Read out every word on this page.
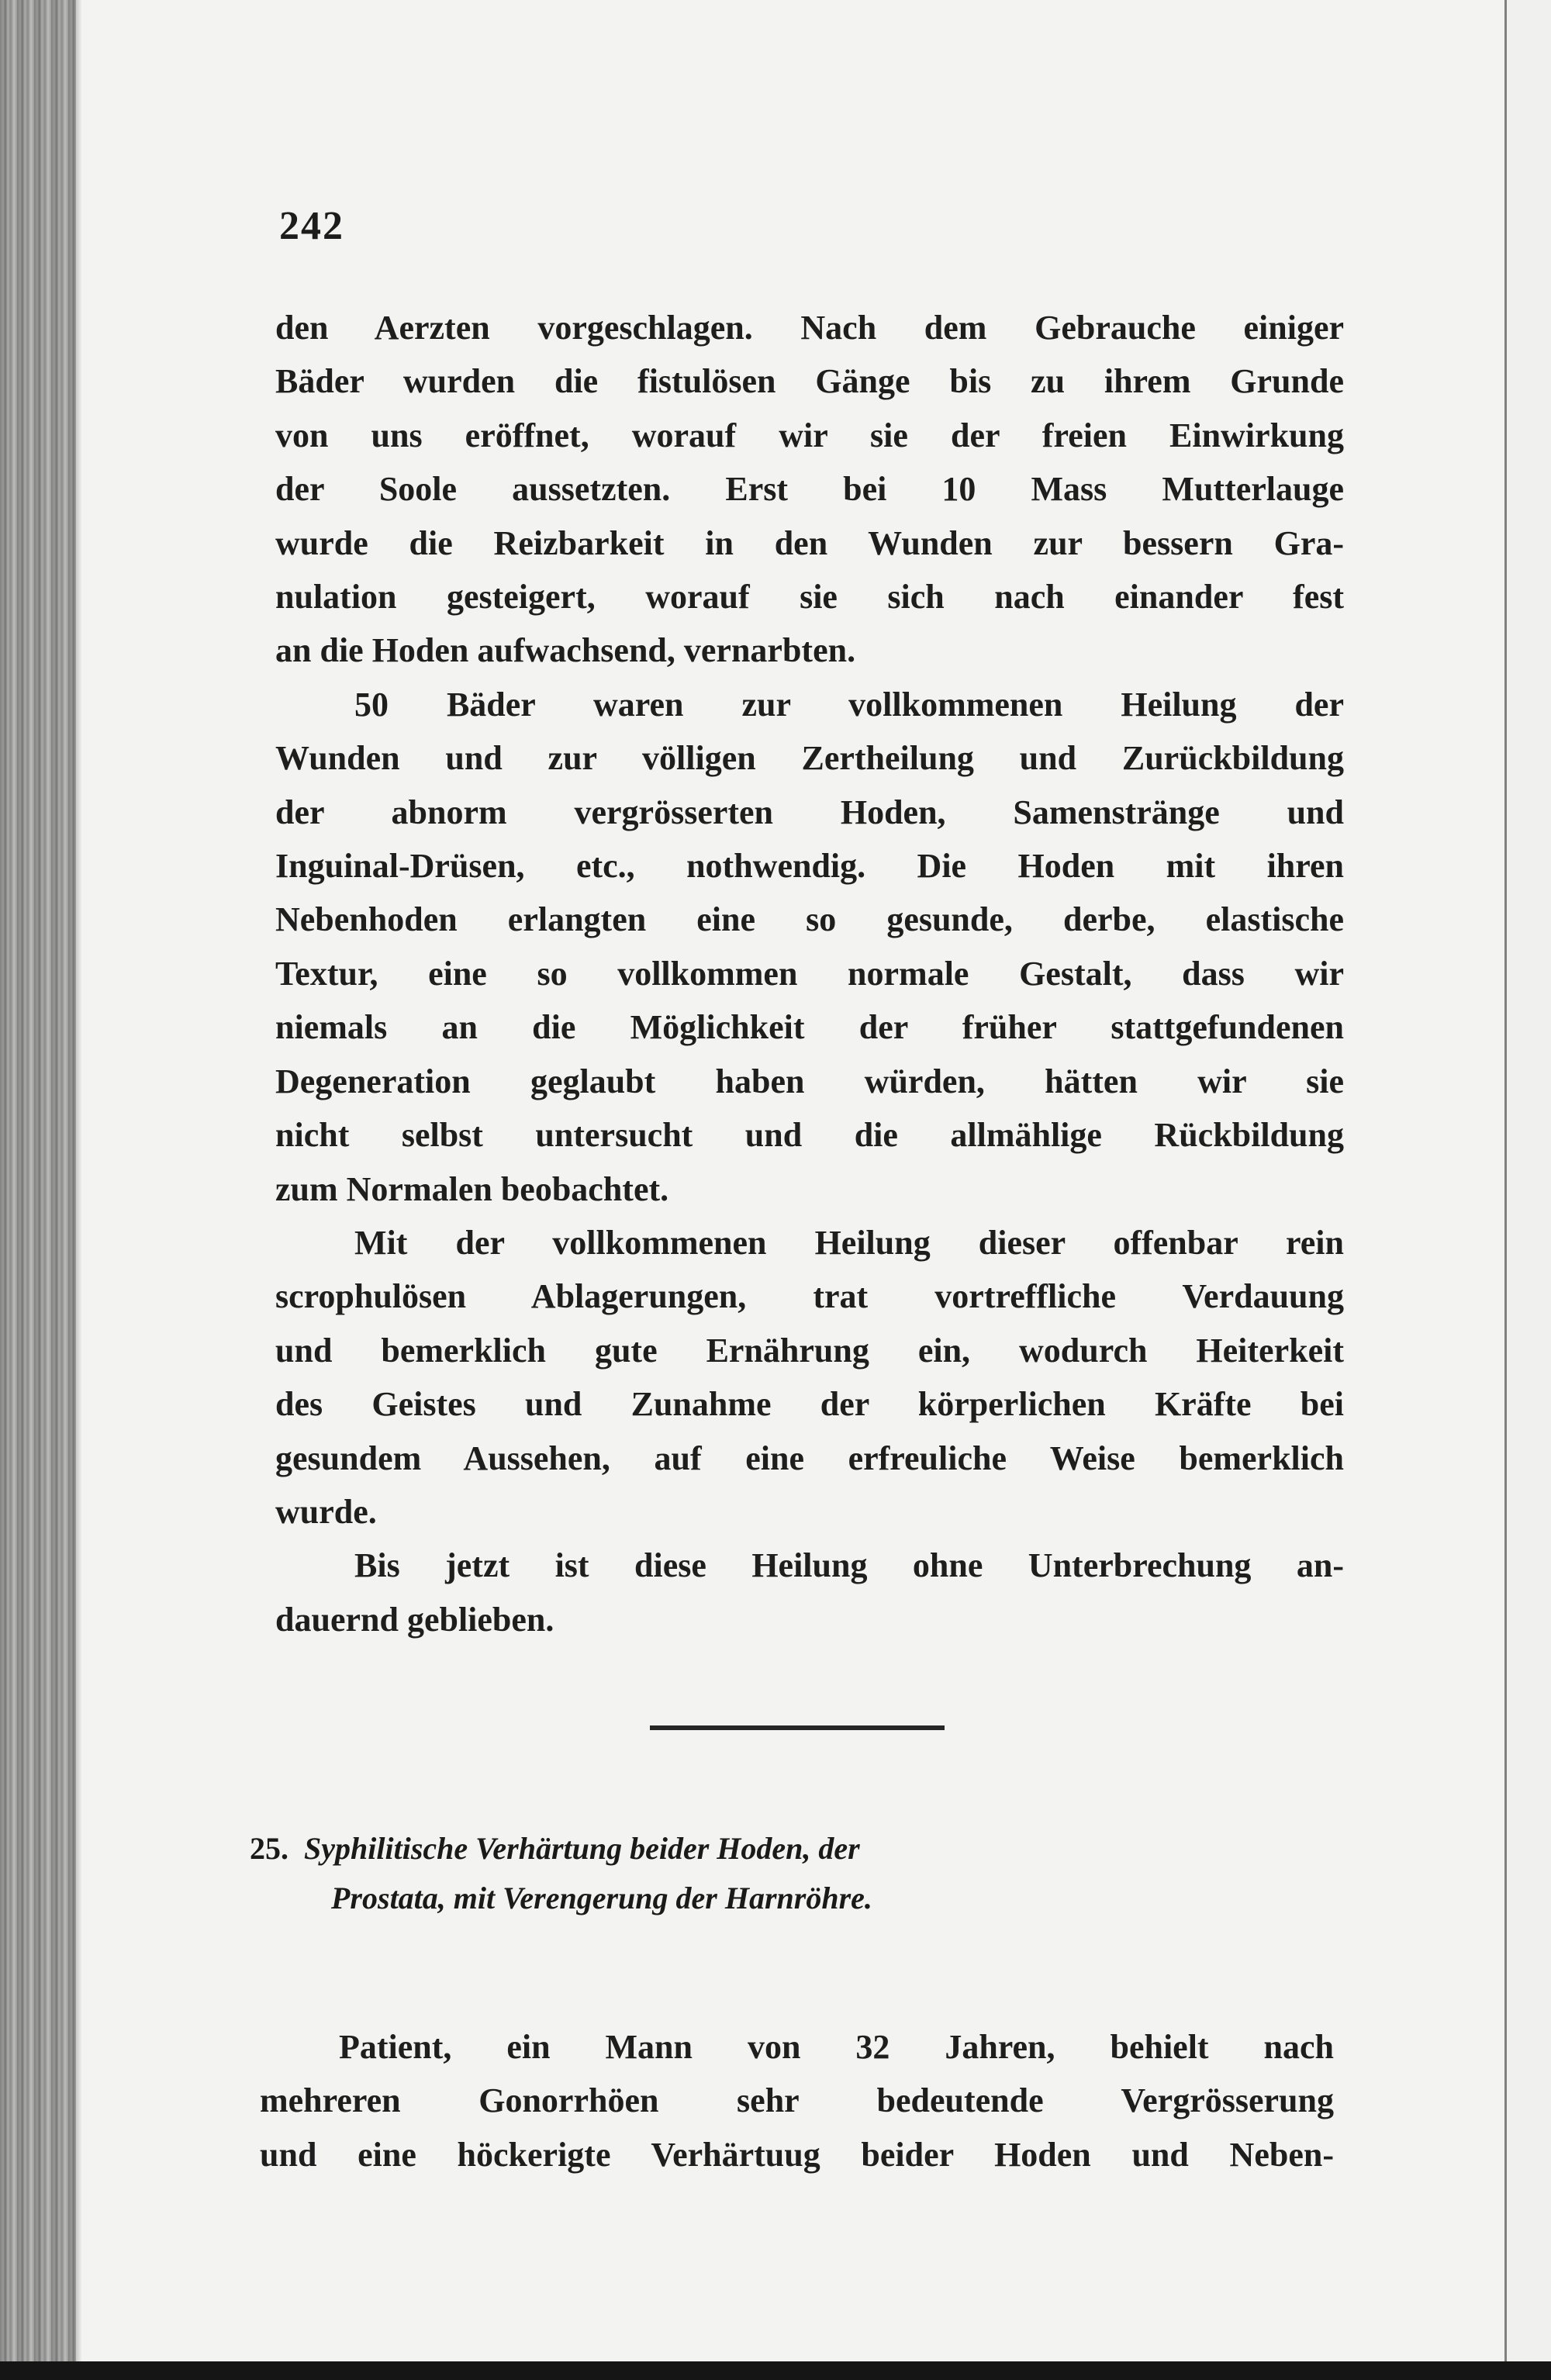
242
den Aerzten vorgeschlagen. Nach dem Gebrauche einiger
Bäder wurden die fistulösen Gänge bis zu ihrem Grunde
von uns eröffnet, worauf wir sie der freien Einwirkung
der Soole aussetzten. Erst bei 10 Mass Mutterlauge
wurde die Reizbarkeit in den Wunden zur bessern Gra-
nulation gesteigert, worauf sie sich nach einander fest
an die Hoden aufwachsend, vernarbten.
50 Bäder waren zur vollkommenen Heilung der
Wunden und zur völligen Zertheilung und Zurückbildung
der abnorm vergrösserten Hoden, Samenstränge und
Inguinal-Drüsen, etc., nothwendig. Die Hoden mit ihren
Nebenhoden erlangten eine so gesunde, derbe, elastische
Textur, eine so vollkommen normale Gestalt, dass wir
niemals an die Möglichkeit der früher stattgefundenen
Degeneration geglaubt haben würden, hätten wir sie
nicht selbst untersucht und die allmählige Rückbildung
zum Normalen beobachtet.
Mit der vollkommenen Heilung dieser offenbar rein
scrophulösen Ablagerungen, trat vortreffliche Verdauung
und bemerklich gute Ernährung ein, wodurch Heiterkeit
des Geistes und Zunahme der körperlichen Kräfte bei
gesundem Aussehen, auf eine erfreuliche Weise bemerklich
wurde.
Bis jetzt ist diese Heilung ohne Unterbrechung an-
dauernd geblieben.
25. Syphilitische Verhärtung beider Hoden, der
Prostata, mit Verengerung der Harnröhre.
Patient, ein Mann von 32 Jahren, behielt nach
mehreren Gonorrhöen sehr bedeutende Vergrösserung
und eine höckerigte Verhärtuug beider Hoden und Neben-
